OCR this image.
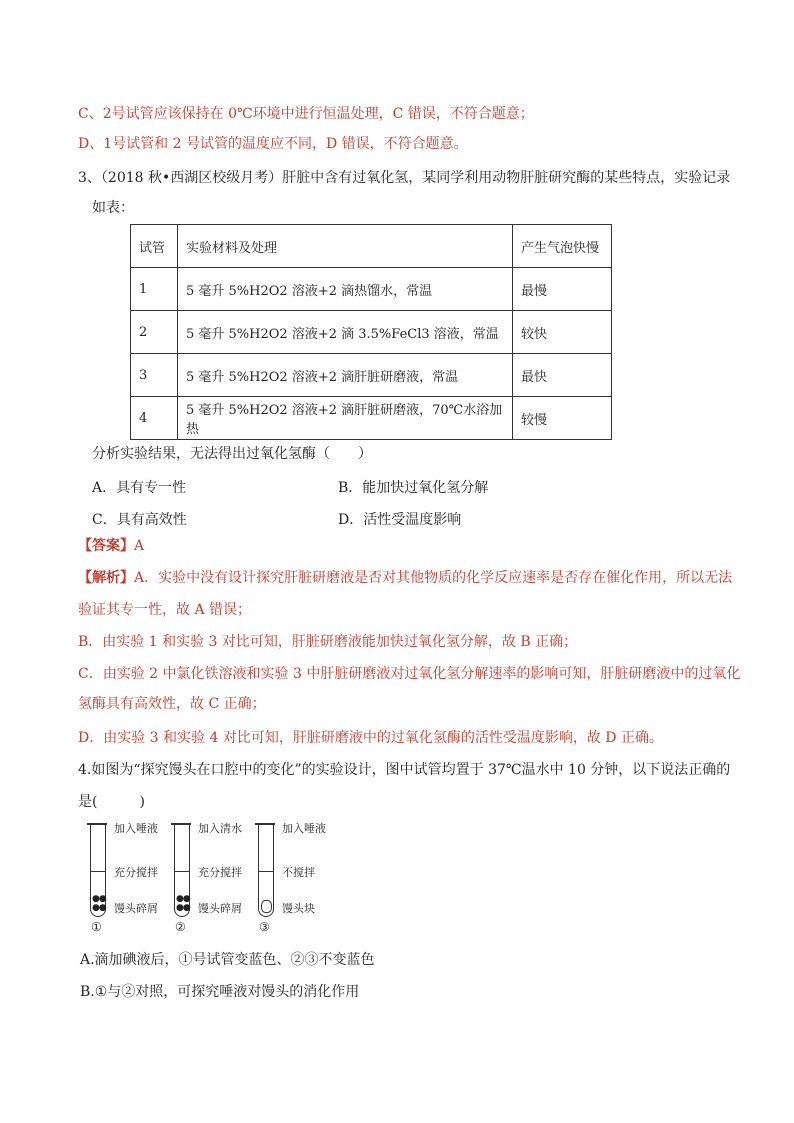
C、2号试管应该保持在 0℃环境中进行恒温处理，C 错误，不符合题意；
D、1号试管和 2 号试管的温度应不同，D 错误，不符合题意。
3、（2018 秋•西湖区校级月考）肝脏中含有过氧化氢，某同学利用动物肝脏研究酶的某些特点，实验记录
如表：
试管	实验材料及处理	产生气泡快慢
1	5 毫升 5%H2O2 溶液+2 滴热馏水，常温	最慢
2	5 毫升 5%H2O2 溶液+2 滴 3.5%FeCl3 溶液，常温	较快
3	5 毫升 5%H2O2 溶液+2 滴肝脏研磨液，常温	最快
4	5 毫升 5%H2O2 溶液+2 滴肝脏研磨液，70℃水浴加热	较慢
分析实验结果，无法得出过氧化氢酶（　　）
A．具有专一性	B．能加快过氧化氢分解
C．具有高效性	D．活性受温度影响
【答案】A
【解析】A．实验中没有设计探究肝脏研磨液是否对其他物质的化学反应速率是否存在催化作用，所以无法
验证其专一性，故 A 错误；
B．由实验 1 和实验 3 对比可知，肝脏研磨液能加快过氧化氢分解，故 B 正确；
C．由实验 2 中氯化铁溶液和实验 3 中肝脏研磨液对过氧化氢分解速率的影响可知，肝脏研磨液中的过氧化
氢酶具有高效性，故 C 正确；
D．由实验 3 和实验 4 对比可知，肝脏研磨液中的过氧化氢酶的活性受温度影响，故 D 正确。
4.如图为“探究馒头在口腔中的变化”的实验设计，图中试管均置于 37℃温水中 10 分钟，以下说法正确的
是(　　　)
●●
●●
加入唾液
充分搅拌
馒头碎屑
①
●●
●●
加入清水
充分搅拌
馒头碎屑
②
加入唾液
不搅拌
馒头块
③
A.滴加碘液后，①号试管变蓝色、②③不变蓝色
B.①与②对照，可探究唾液对馒头的消化作用
